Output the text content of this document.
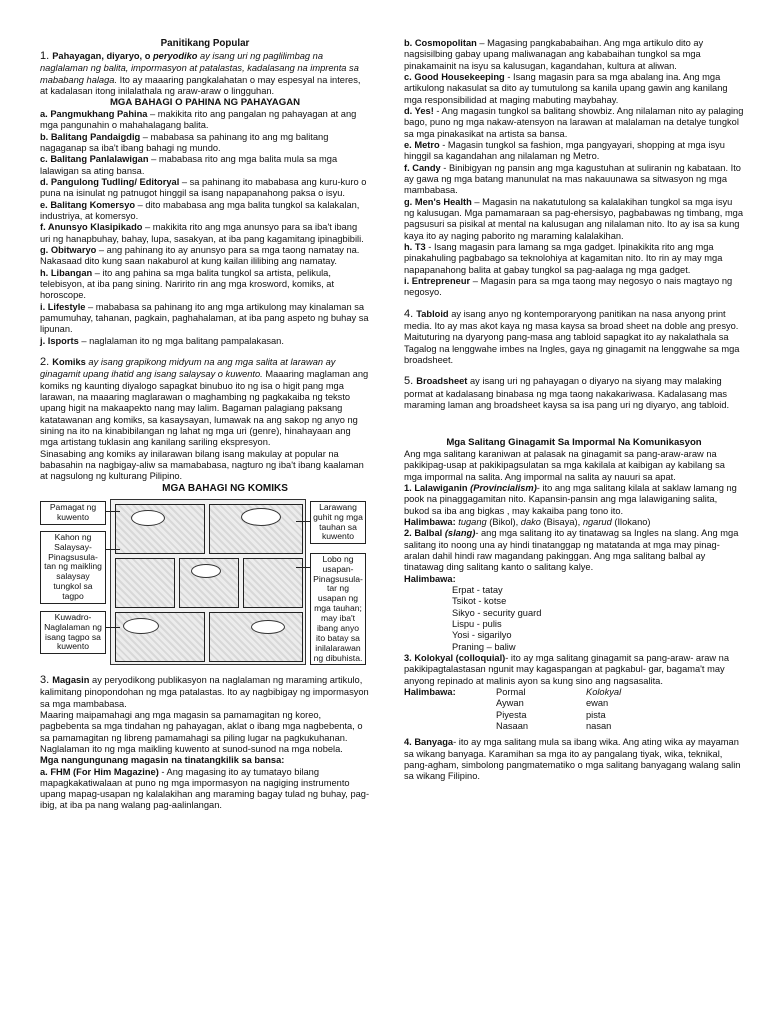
Panitikang Popular

1. Pahayagan, diyaryo, o peryodiko ay isang uri ng paglilimbag na naglalaman ng balita, impormasyon at patalastas, kadalasang na imprenta sa mababang halaga. Ito ay maaaring pangkalahatan o may espesyal na interes, at kadalasan itong inilalathala ng araw-araw o lingguhan.

MGA BAHAGI O PAHINA NG PAHAYAGAN

a. Pangmukhang Pahina – makikita rito ang pangalan ng pahayagan at ang mga pangunahin o mahahalagang balita.

b. Balitang Pandaigdig – mababasa sa pahinang ito ang mg balitang nagaganap sa iba't ibang bahagi ng mundo.

c. Balitang Panlalawigan – mababasa rito ang mga balita mula sa mga lalawigan sa ating bansa.

d. Pangulong Tudling/ Editoryal – sa pahinang ito mababasa ang kuru-kuro o puna na isinulat ng patnugot hinggil sa isang napapanahong paksa o isyu.

e. Balitang Komersyo – dito mababasa ang mga balita tungkol sa kalakalan, industriya, at komersyo.

f. Anunsyo Klasipikado – makikita rito ang mga anunsyo para sa iba't ibang uri ng hanapbuhay, bahay, lupa, sasakyan, at iba pang kagamitang ipinagbibili.

g. Obitwaryo – ang pahinang ito ay anunsyo para sa mga taong namatay na. Nakasaad dito kung saan nakaburol at kung kailan ililibing ang namatay.

h. Libangan – ito ang pahina sa mga balita tungkol sa artista, pelikula, telebisyon, at iba pang sining. Naririto rin ang mga krosword, komiks, at horoscope.

i. Lifestyle – mababasa sa pahinang ito ang mga artikulong may kinalaman sa pamumuhay, tahanan, pagkain, paghahalaman, at iba pang aspeto ng buhay sa lipunan.

j. Isports – naglalaman ito ng mga balitang pampalakasan.

2. Komiks ay isang grapikong midyum na ang mga salita at larawan ay ginagamit upang ihatid ang isang salaysay o kuwento. Maaaring maglaman ang komiks ng kaunting diyalogo sapagkat binubuo ito ng isa o higit pang mga larawan, na maaaring maglarawan o maghambing ng pagkakaiba ng teksto upang higit na makaapekto nang may lalim. Bagaman palagiang paksang katatawanan ang komiks, sa kasaysayan, lumawak na ang sakop ng anyo ng sining na ito na kinabibilangan ng lahat ng mga uri (genre), hinahayaan ang mga artistang tuklasin ang kanilang sariling ekspresyon.

Sinasabing ang komiks ay inilarawan bilang isang makulay at popular na babasahin na nagbigay-aliw sa mamababasa, nagturo ng iba't ibang kaalaman at nagsulong ng kulturang Pilipino.

MGA BAHAGI NG KOMIKS

Pamagat ng kuwento
Kahon ng Salaysay-
Pinagsusula-tan ng maikling salaysay tungkol sa tagpo
Kuwadro-
Naglalaman ng isang tagpo sa kuwento
Larawang guhit ng mga tauhan sa kuwento
Lobo ng usapan-
Pinagsusula-tar ng usapan ng mga tauhan; may iba't ibang anyo ito batay sa inilalarawan ng dibuhista.

3. Magasin ay peryodikong publikasyon na naglalaman ng maraming artikulo, kalimitang pinopondohan ng mga patalastas. Ito ay nagbibigay ng impormasyon sa mga mambabasa.

Maaring maipamahagi ang mga magasin sa pamamagitan ng koreo, pagbebenta sa mga tindahan ng pahayagan, aklat o ibang mga nagbebenta, o sa pamamagitan ng libreng pamamahagi sa piling lugar na pagkukuhanan.

Naglalaman ito ng mga maikling kuwento at sunod-sunod na mga nobela.

Mga nangungunang magasin na tinatangkilik sa bansa:

a. FHM (For Him Magazine) - Ang magasing ito ay tumatayo bilang mapagkakatiwalaan at puno ng mga impormasyon na nagiging instrumento upang mapag-usapan ng kalalakihan ang maraming bagay tulad ng buhay, pag-ibig, at iba pa nang walang pag-aalinlangan.

b. Cosmopolitan – Magasing pangkababaihan. Ang mga artikulo dito ay nagsisilbing gabay upang maliwanagan ang kababaihan tungkol sa mga pinakamainit na isyu sa kalusugan, kagandahan, kultura at aliwan.

c. Good Housekeeping - Isang magasin para sa mga abalang ina. Ang mga artikulong nakasulat sa dito ay tumutulong sa kanila upang gawin ang kanilang mga responsibilidad at maging mabuting maybahay.

d. Yes! - Ang magasin tungkol sa balitang showbiz. Ang nilalaman nito ay palaging bago, puno ng mga nakaw-atensyon na larawan at malalaman na detalye tungkol sa mga pinakasikat na artista sa bansa.

e. Metro - Magasin tungkol sa fashion, mga pangyayari, shopping at mga isyu hinggil sa kagandahan ang nilalaman ng Metro.

f. Candy - Binibigyan ng pansin ang mga kagustuhan at suliranin ng kabataan. Ito ay gawa ng mga batang manunulat na mas nakauunawa sa sitwasyon ng mga mambabasa.

g. Men's Health – Magasin na nakatutulong sa kalalakihan tungkol sa mga isyu ng kalusugan. Mga pamamaraan sa pag-ehersisyo, pagbabawas ng timbang, mga pagsusuri sa pisikal at mental na kalusugan ang nilalaman nito. Ito ay isa sa kung kaya ito ay naging paborito ng maraming kalalakihan.

h. T3 - Isang magasin para lamang sa mga gadget. Ipinakikita rito ang mga pinakahuling pagbabago sa teknolohiya at kagamitan nito. Ito rin ay may mga napapanahong balita at gabay tungkol sa pag-aalaga ng mga gadget.

i. Entrepreneur – Magasin para sa mga taong may negosyo o nais magtayo ng negosyo.

4. Tabloid ay isang anyo ng kontemporaryong panitikan na nasa anyong print media. Ito ay mas akot kaya ng masa kaysa sa broad sheet na doble ang presyo. Maituturing na dyaryong pang-masa ang tabloid sapagkat ito ay nakalathala sa Tagalog na lenggwahe imbes na Ingles, gaya ng ginagamit na lenggwahe sa mga broadsheet.

5. Broadsheet ay isang uri ng pahayagan o diyaryo na siyang may malaking pormat at kadalasang binabasa ng mga taong nakakariwasa. Kadalasang mas maraming laman ang broadsheet kaysa sa isa pang uri ng diyaryo, ang tabloid.

Mga Salitang Ginagamit Sa Impormal Na Komunikasyon

Ang mga salitang karaniwan at palasak na ginagamit sa pang-araw-araw na pakikipag-usap at pakikipagsulatan sa mga kakilala at kaibigan ay kabilang sa mga impormal na salita. Ang impormal na salita ay nauuri sa apat.

1. Lalawiganin (Provincialism)- ito ang mga salitang kilala at saklaw lamang ng pook na pinaggagamitan nito. Kapansin-pansin ang mga lalawiganing salita, bukod sa iba ang bigkas , may kakaiba pang tono ito.

Halimbawa: tugang (Bikol), dako (Bisaya), ngarud (Ilokano)

2. Balbal (slang)- ang mga salitang ito ay tinatawag sa Ingles na slang. Ang mga salitang ito noong una ay hindi tinatanggap ng matatanda at mga may pinag-aralan dahil hindi raw magandang pakinggan. Ang mga salitang balbal ay tinatawag ding salitang kanto o salitang kalye.

Halimbawa:

Erpat - tatay

Tsikot - kotse

Sikyo - security guard

Lispu - pulis

Yosi - sigarilyo

Praning – baliw

3. Kolokyal (colloquial)- ito ay mga salitang ginagamit sa pang-araw- araw na pakikipagtalastasan ngunit may kagaspangan at pagkabul- gar, bagama't may anyong repinado at malinis ayon sa kung sino ang nagsasalita.

Halimbawa:	Pormal	Kolokyal
Aywan	ewan
Piyesta	pista
Nasaan	nasan

4. Banyaga- ito ay mga salitang mula sa ibang wika. Ang ating wika ay mayaman sa wikang banyaga. Karamihan sa mga ito ay pangalang tiyak, wika, teknikal, pang-agham, simbolong pangmatematiko o mga salitang banyagang walang salin sa wikang Filipino.
